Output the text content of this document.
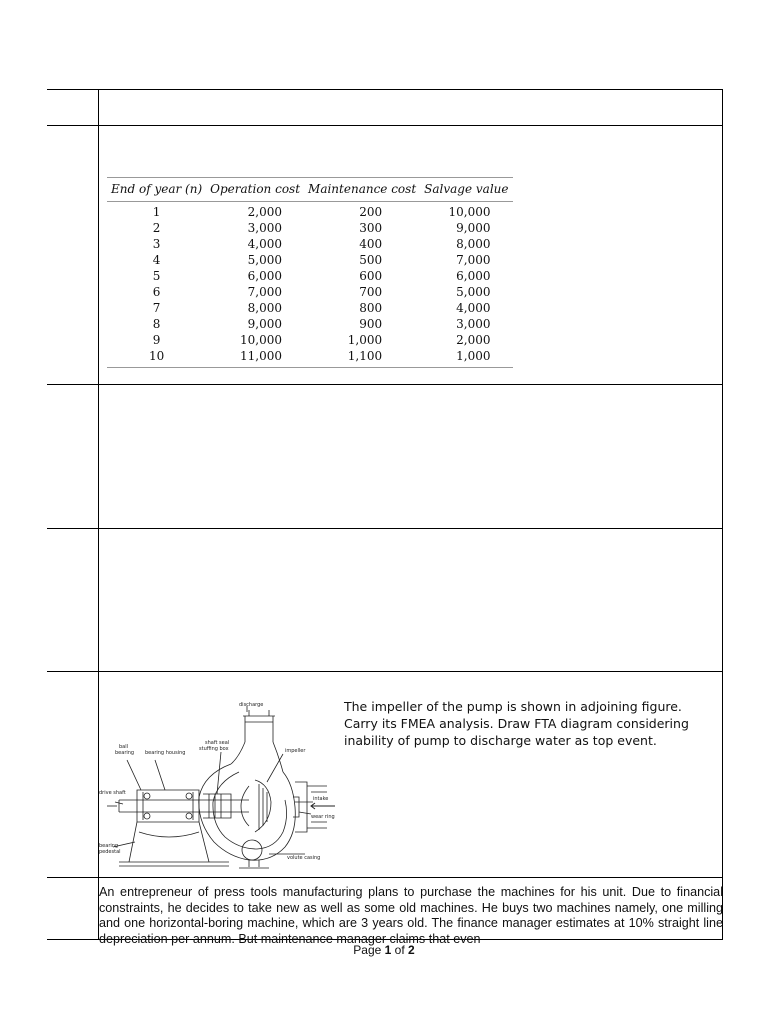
End of year (n)	Operation cost	Maintenance cost	Salvage value
1	2,000	200	10,000
2	3,000	300	9,000
3	4,000	400	8,000
4	5,000	500	7,000
5	6,000	600	6,000
6	7,000	700	5,000
7	8,000	800	4,000
8	9,000	900	3,000
9	10,000	1,000	2,000
10	11,000	1,100	1,000
discharge
ball
bearing bearing housing
shaft seal
stuffing box	impeller
drive shaft
intake
wear ring
bearing
pedestal
volute casing
The impeller of the pump is shown in adjoining figure. Carry its FMEA analysis. Draw FTA diagram considering inability of pump to discharge water as top event.
An entrepreneur of press tools manufacturing plans to purchase the machines for his unit. Due to financial constraints, he decides to take new as well as some old machines. He buys two machines namely, one milling and one horizontal-boring machine, which are 3 years old. The finance manager estimates at 10% straight line depreciation per annum. But maintenance manager claims that even
Page 1 of 2
